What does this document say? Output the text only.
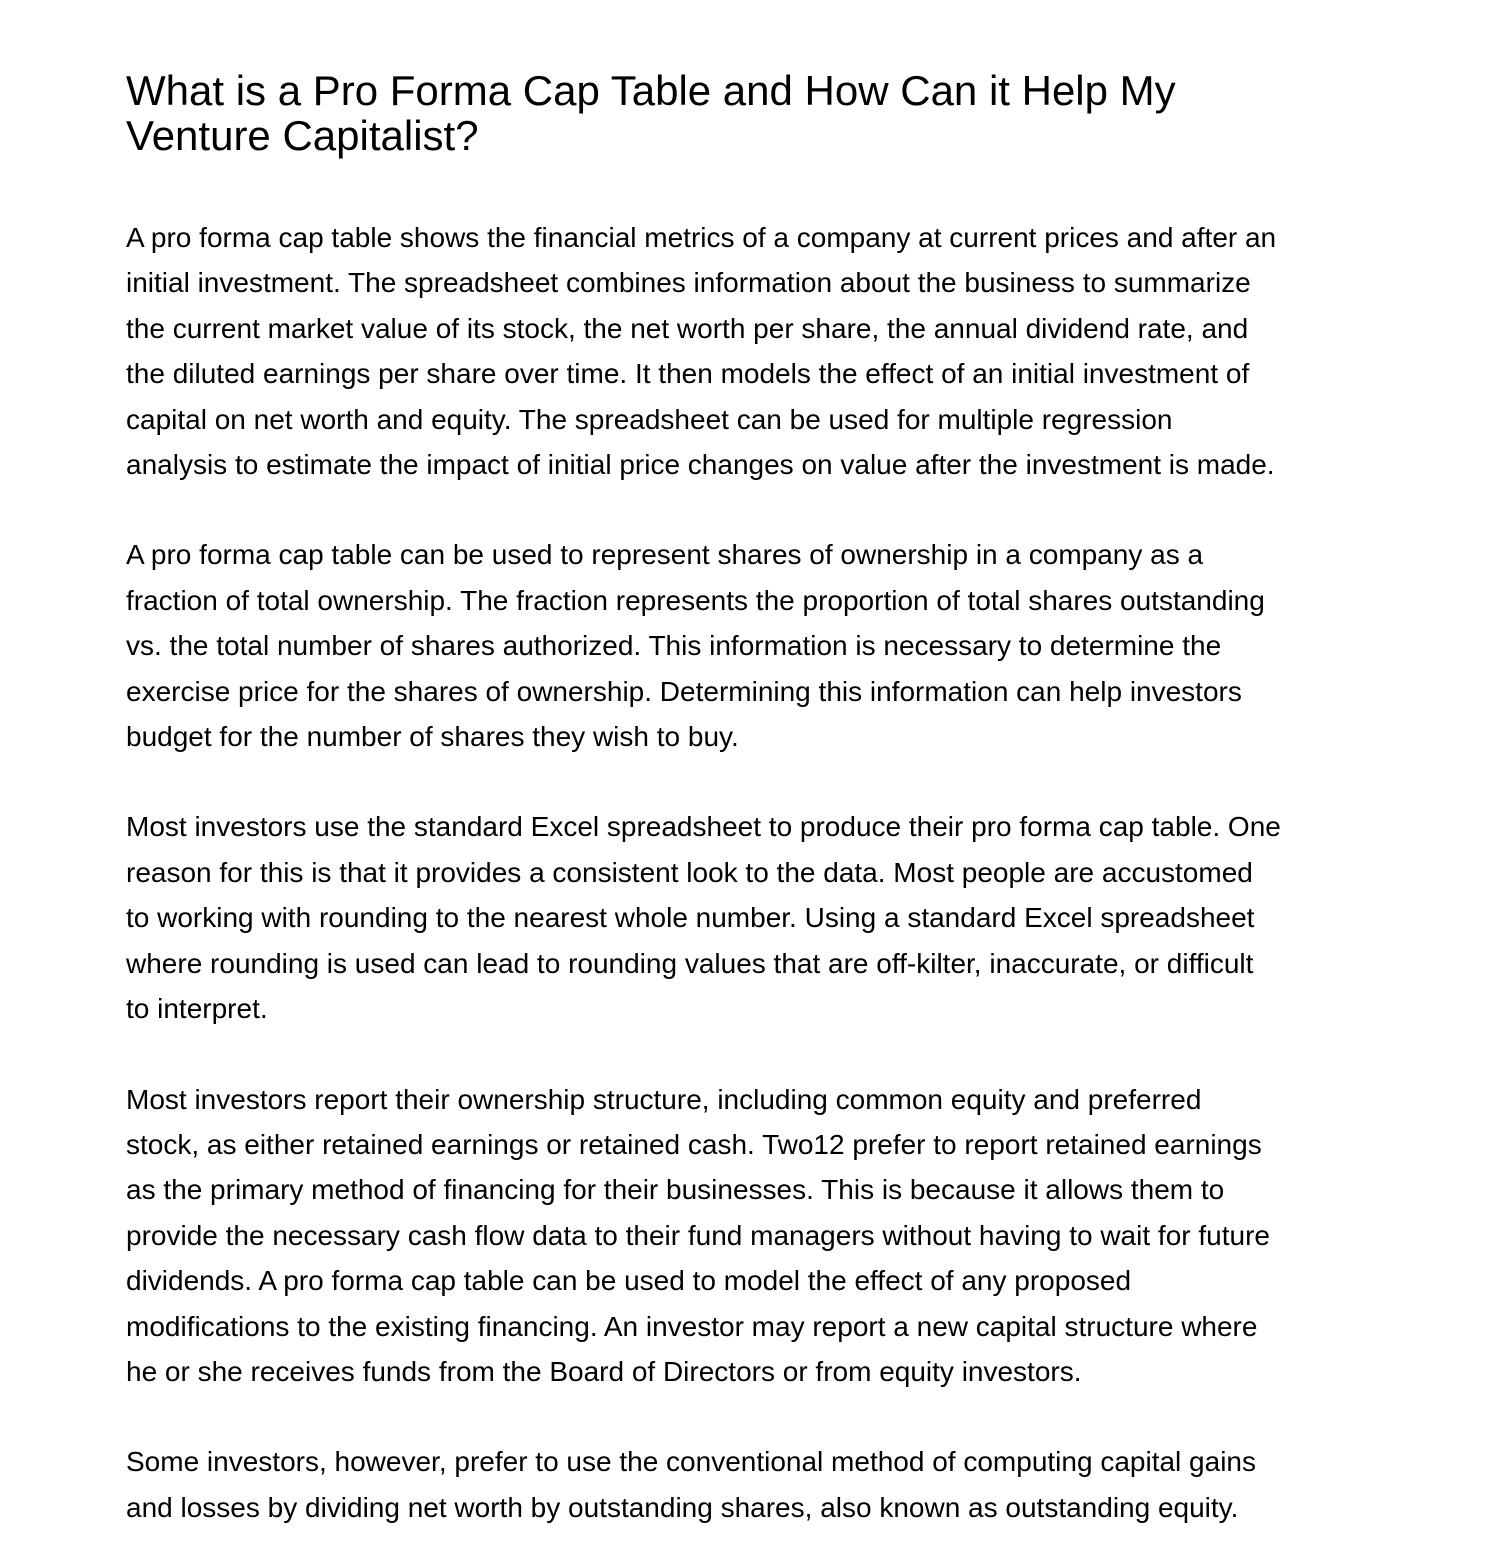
What is a Pro Forma Cap Table and How Can it Help My
Venture Capitalist?

A pro forma cap table shows the financial metrics of a company at current prices and after an
initial investment. The spreadsheet combines information about the business to summarize
the current market value of its stock, the net worth per share, the annual dividend rate, and
the diluted earnings per share over time. It then models the effect of an initial investment of
capital on net worth and equity. The spreadsheet can be used for multiple regression
analysis to estimate the impact of initial price changes on value after the investment is made.

A pro forma cap table can be used to represent shares of ownership in a company as a
fraction of total ownership. The fraction represents the proportion of total shares outstanding
vs. the total number of shares authorized. This information is necessary to determine the
exercise price for the shares of ownership. Determining this information can help investors
budget for the number of shares they wish to buy.

Most investors use the standard Excel spreadsheet to produce their pro forma cap table. One
reason for this is that it provides a consistent look to the data. Most people are accustomed
to working with rounding to the nearest whole number. Using a standard Excel spreadsheet
where rounding is used can lead to rounding values that are off-kilter, inaccurate, or difficult
to interpret.

Most investors report their ownership structure, including common equity and preferred
stock, as either retained earnings or retained cash. Two12 prefer to report retained earnings
as the primary method of financing for their businesses. This is because it allows them to
provide the necessary cash flow data to their fund managers without having to wait for future
dividends. A pro forma cap table can be used to model the effect of any proposed
modifications to the existing financing. An investor may report a new capital structure where
he or she receives funds from the Board of Directors or from equity investors.

Some investors, however, prefer to use the conventional method of computing capital gains
and losses by dividing net worth by outstanding shares, also known as outstanding equity.
